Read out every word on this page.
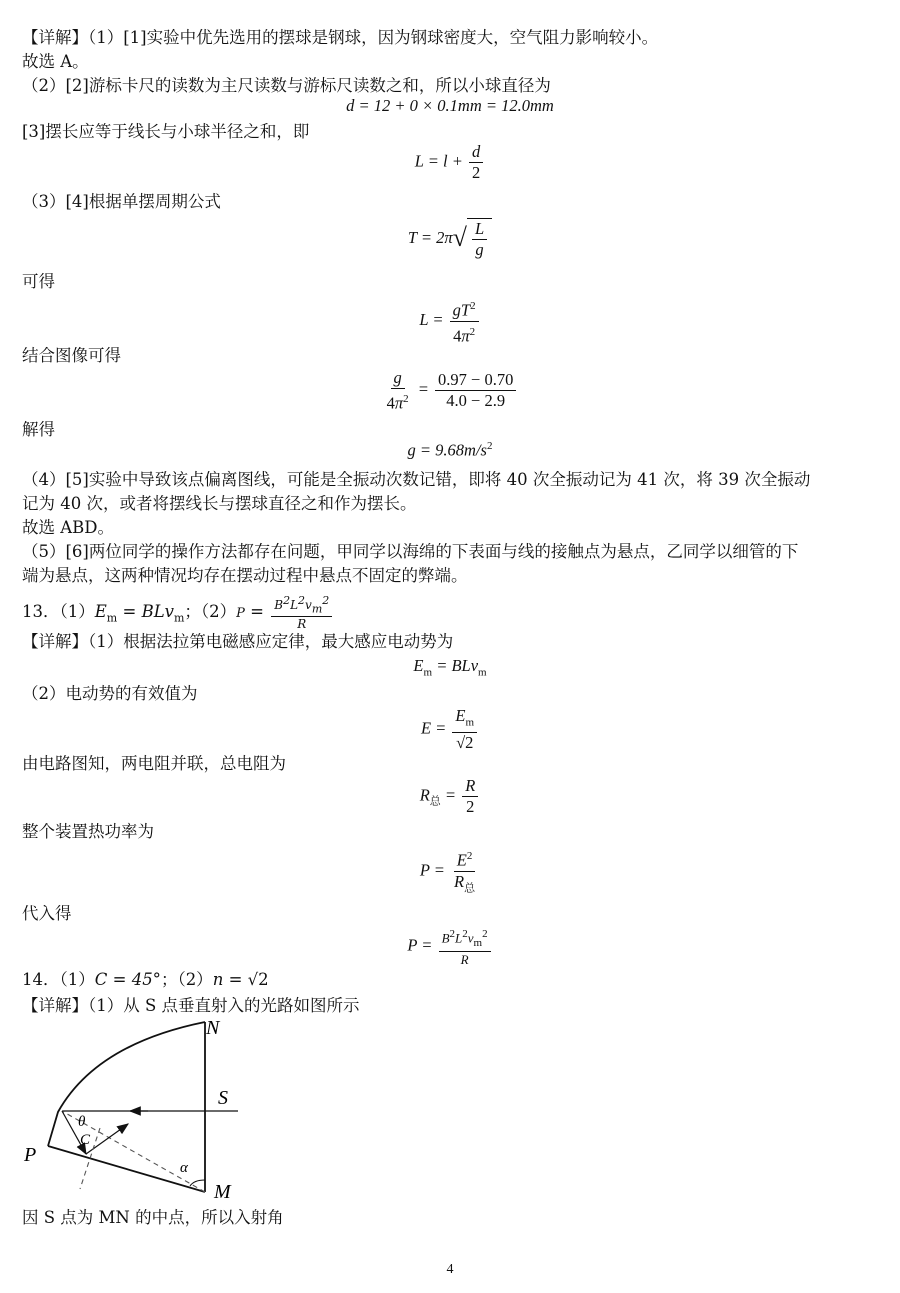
【详解】（1）[1]实验中优先选用的摆球是钢球，因为钢球密度大，空气阻力影响较小。
故选 A。
（2）[2]游标卡尺的读数为主尺读数与游标尺读数之和，所以小球直径为
d = 12 + 0 × 0.1mm = 12.0mm
[3]摆长应等于线长与小球半径之和，即
$L = l + \frac{d}{2}$
（3）[4]根据单摆周期公式
T = 2π √ $\frac{L}{g}$
可得
$L = \frac{gT^2}{4\pi^2}$
结合图像可得
$\frac{g}{4\pi^2} = \frac{0.97 - 0.70}{4.0 - 2.9}$
解得
$g = 9.68m/s^2$
（4）[5]实验中导致该点偏离图线，可能是全振动次数记错，即将 40 次全振动记为 41 次，将 39 次全振动
记为 40 次，或者将摆线长与摆球直径之和作为摆长。
故选 ABD。
（5）[6]两位同学的操作方法都存在问题，甲同学以海绵的下表面与线的接触点为悬点，乙同学以细管的下
端为悬点，这两种情况均存在摆动过程中悬点不固定的弊端。
13．$(1)E_m = BLv_m$；$(2)P = \frac{B^2L^2v_m^2}{R}$
【详解】（1）根据法拉第电磁感应定律，最大感应电动势为
$E_m = BLv_m$
（2）电动势的有效值为
$E = \frac{E_m}{√2}$
由电路图知，两电阻并联，总电阻为
$R_总 = \frac{R}{2}$
整个装置热功率为
$P = \frac{E^2}{R_总}$
代入得
$P = \frac{B^2L^2v_m^2}{R}$
14．（1）C = 45°；（2）n = √2
【详解】（1）从 S 点垂直射入的光路如图所示
N
S
P
M
θ
C
α
因 S 点为 MN 的中点，所以入射角
4
